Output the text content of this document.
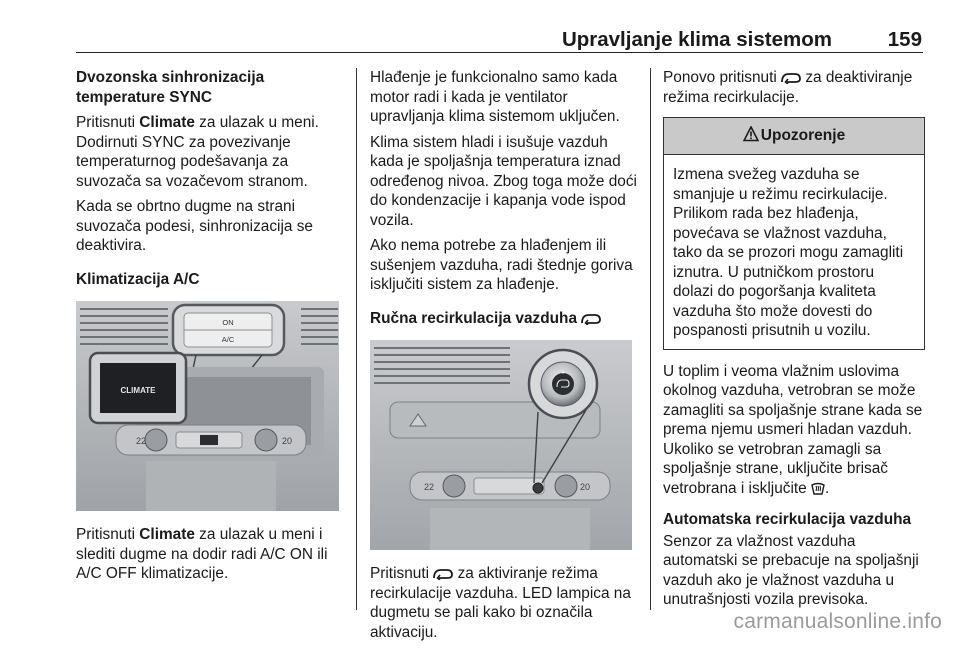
Upravljanje klima sistemom	159
Dvozonska sinhronizacija temperature SYNC

Pritisnuti Climate za ulazak u meni. Dodirnuti SYNC za povezivanje temperaturnog podešavanja za suvozača sa vozačevom stranom.

Kada se obrtno dugme na strani suvozača podesi, sinhronizacija se deaktivira.

Klimatizacija A/C
ON
A/C
CLIMATE
22	20

Pritisnuti Climate za ulazak u meni i slediti dugme na dodir radi A/C ON ili A/C OFF klimatizacije.

Hlađenje je funkcionalno samo kada motor radi i kada je ventilator upravljanja klima sistemom uključen.

Klima sistem hladi i isušuje vazduh kada je spoljašnja temperatura iznad određenog nivoa. Zbog toga može doći do kondenzacije i kapanja vode ispod vozila.

Ako nema potrebe za hlađenjem ili sušenjem vazduha, radi štednje goriva isključiti sistem za hlađenje.

Ručna recirkulacija vazduha
22	20

Pritisnuti  za aktiviranje režima recirkulacije vazduha. LED lampica na dugmetu se pali kako bi označila aktivaciju.

Ponovo pritisnuti  za deaktiviranje režima recirkulacije.

Upozorenje
Izmena svežeg vazduha se smanjuje u režimu recirkulacije. Prilikom rada bez hlađenja, povećava se vlažnost vazduha, tako da se prozori mogu zamagliti iznutra. U putničkom prostoru dolazi do pogoršanja kvaliteta vazduha što može dovesti do pospanosti prisutnih u vozilu.

U toplim i veoma vlažnim uslovima okolnog vazduha, vetrobran se može zamagliti sa spoljašnje strane kada se prema njemu usmeri hladan vazduh. Ukoliko se vetrobran zamagli sa spoljašnje strane, uključite brisač vetrobrana i isključite .

Automatska recirkulacija vazduha

Senzor za vlažnost vazduha automatski se prebacuje na spoljašnji vazduh ako je vlažnost vazduha u unutrašnjosti vozila previsoka.

carmanualsonline.info
